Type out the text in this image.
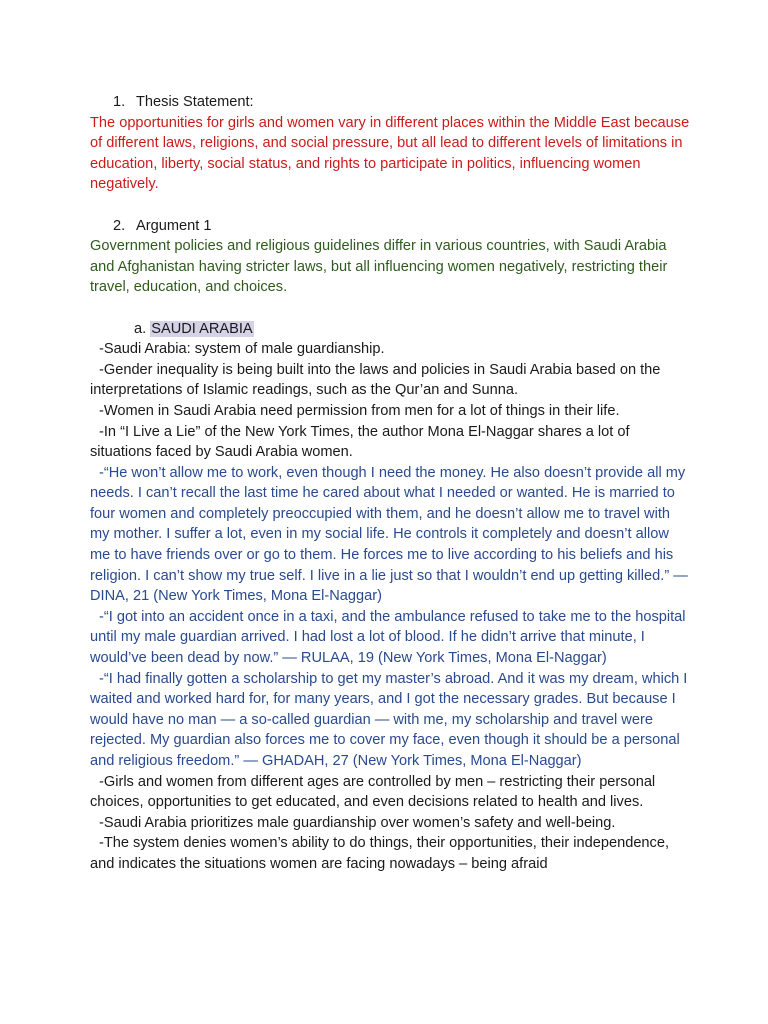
1. Thesis Statement:

The opportunities for girls and women vary in different places within the Middle East because of different laws, religions, and social pressure, but all lead to different levels of limitations in education, liberty, social status, and rights to participate in politics, influencing women negatively.

2. Argument 1

Government policies and religious guidelines differ in various countries, with Saudi Arabia and Afghanistan having stricter laws, but all influencing women negatively, restricting their travel, education, and choices.

a. SAUDI ARABIA

-Saudi Arabia: system of male guardianship.

-Gender inequality is being built into the laws and policies in Saudi Arabia based on the interpretations of Islamic readings, such as the Qur’an and Sunna.

-Women in Saudi Arabia need permission from men for a lot of things in their life.

-In “I Live a Lie” of the New York Times, the author Mona El-Naggar shares a lot of situations faced by Saudi Arabia women.

-“He won’t allow me to work, even though I need the money. He also doesn’t provide all my needs. I can’t recall the last time he cared about what I needed or wanted. He is married to four women and completely preoccupied with them, and he doesn’t allow me to travel with my mother. I suffer a lot, even in my social life. He controls it completely and doesn’t allow me to have friends over or go to them. He forces me to live according to his beliefs and his religion. I can’t show my true self. I live in a lie just so that I wouldn’t end up getting killed.” — DINA, 21 (New York Times, Mona El-Naggar)

-“I got into an accident once in a taxi, and the ambulance refused to take me to the hospital until my male guardian arrived. I had lost a lot of blood. If he didn’t arrive that minute, I would’ve been dead by now.” — RULAA, 19 (New York Times, Mona El-Naggar)

-“I had finally gotten a scholarship to get my master’s abroad. And it was my dream, which I waited and worked hard for, for many years, and I got the necessary grades. But because I would have no man — a so-called guardian — with me, my scholarship and travel were rejected. My guardian also forces me to cover my face, even though it should be a personal and religious freedom.” — GHADAH, 27 (New York Times, Mona El-Naggar)

-Girls and women from different ages are controlled by men – restricting their personal choices, opportunities to get educated, and even decisions related to health and lives.

-Saudi Arabia prioritizes male guardianship over women’s safety and well-being.

-The system denies women’s ability to do things, their opportunities, their independence, and indicates the situations women are facing nowadays – being afraid
